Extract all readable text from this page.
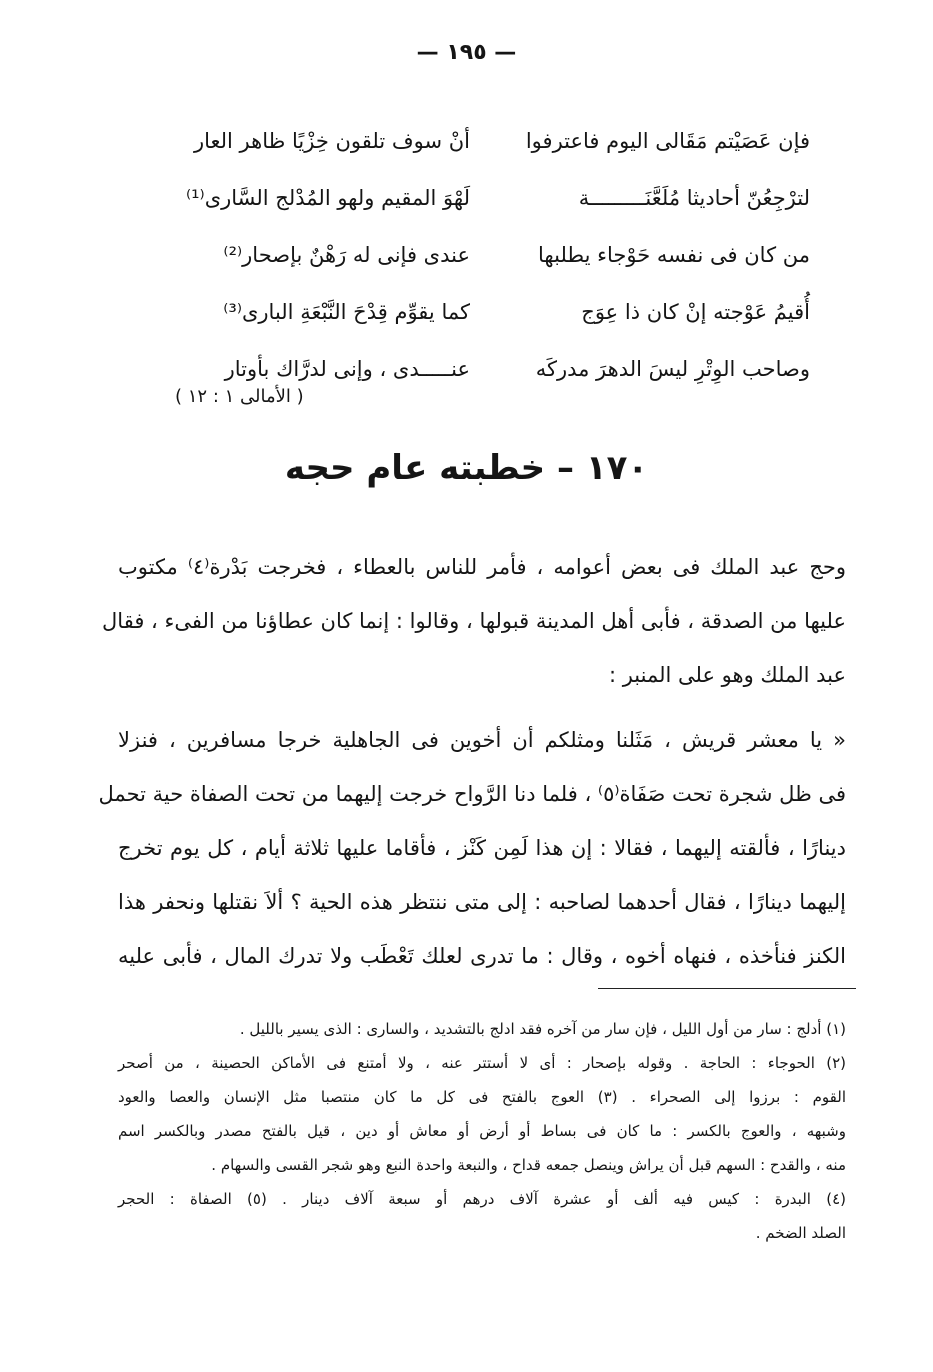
— ١٩٥ —
فإن عَصَيْتم مَقَالى اليوم فاعترفوا
أنْ سوف تلقون خِزْيًا ظاهر العار
لترْجِعُنّ أحاديثا مُلَعَّنَـــــــــة
لَهْوَ المقيم ولهو المُدْلج السَّارى⁽¹⁾
من كان فى نفسه حَوْجاء يطلبها
عندى فإنى له رَهْنٌ بإصحار⁽²⁾
أُقيمُ عَوْجته إنْ كان ذا عِوَج
كما يقوِّم قِدْحَ النَّبْعَةِ البارى⁽³⁾
وصاحب الوِتْرِ ليسَ الدهرَ مدركَه
عنـــــدى ، وإنى لدرَّاك بأوتار
( الأمالى ١ : ١٢ )
١٧٠ – خطبته عام حجه
وحج عبد الملك فى بعض أعوامه ، فأمر للناس بالعطاء ، فخرجت بَدْرة⁽٤⁾ مكتوب
عليها من الصدقة ، فأبى أهل المدينة قبولها ، وقالوا : إنما كان عطاؤنا من الفىء ، فقال
عبد الملك وهو على المنبر :
« يا معشر قريش ، مَثَلنا ومثلكم أن أخوين فى الجاهلية خرجا مسافرين ، فنزلا
فى ظل شجرة تحت صَفَاة⁽٥⁾ ، فلما دنا الرَّواح خرجت إليهما من تحت الصفاة حية تحمل
دينارًا ، فألقته إليهما ، فقالا : إن هذا لَمِن كَنْز ، فأقاما عليها ثلاثة أيام ، كل يوم تخرج
إليهما دينارًا ، فقال أحدهما لصاحبه : إلى متى ننتظر هذه الحية ؟ ألاَ نقتلها ونحفر هذا
الكنز فنأخذه ، فنهاه أخوه ، وقال : ما تدرى لعلك تَعْطَب ولا تدرك المال ، فأبى عليه
(١) أدلج : سار من أول الليل ، فإن سار من آخره فقد ادلج بالتشديد ، والسارى : الذى يسير بالليل .
(٢) الحوجاء : الحاجة . وقوله بإصحار : أى لا أستتر عنه ، ولا أمتنع فى الأماكن الحصينة ، من أصحر
القوم : برزوا إلى الصحراء . (٣) العوج بالفتح فى كل ما كان منتصبا مثل الإنسان والعصا والعود
وشبهه ، والعوج بالكسر : ما كان فى بساط أو أرض أو معاش أو دين ، قيل بالفتح مصدر وبالكسر اسم
منه ، والقدح : السهم قبل أن يراش وينصل جمعه قداح ، والنبعة واحدة النبع وهو شجر القسى والسهام .
(٤) البدرة : كيس فيه ألف أو عشرة آلاف درهم أو سبعة آلاف دينار . (٥) الصفاة : الحجر
الصلد الضخم .
